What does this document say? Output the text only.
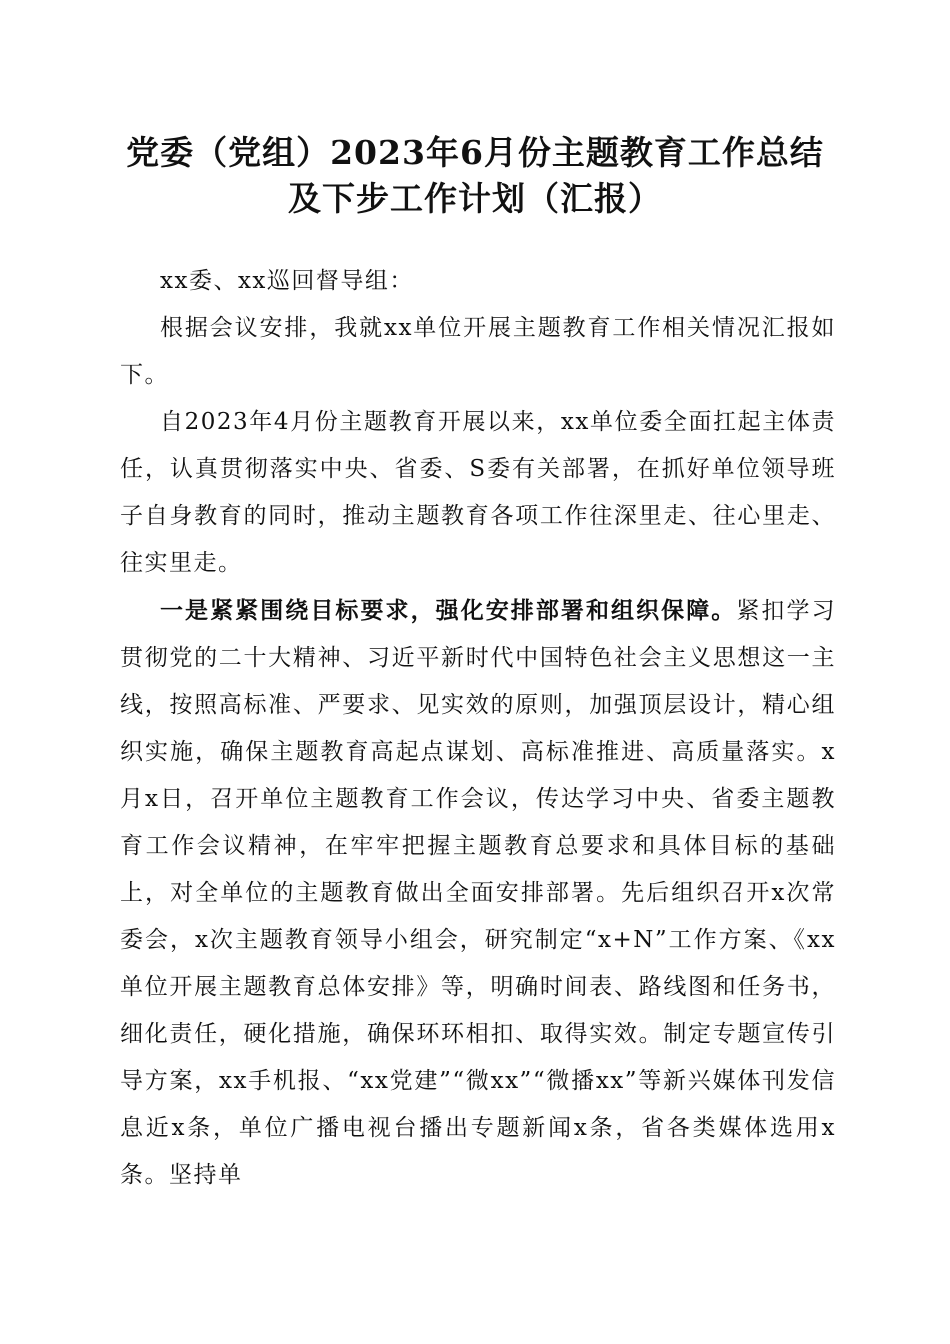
党委（党组）2023年6月份主题教育工作总结
及下步工作计划（汇报）

xx委、xx巡回督导组：

根据会议安排，我就xx单位开展主题教育工作相关情况汇报如下。

自2023年4月份主题教育开展以来，xx单位委全面扛起主体责任，认真贯彻落实中央、省委、S委有关部署，在抓好单位领导班子自身教育的同时，推动主题教育各项工作往深里走、往心里走、往实里走。

一是紧紧围绕目标要求，强化安排部署和组织保障。紧扣学习贯彻党的二十大精神、习近平新时代中国特色社会主义思想这一主线，按照高标准、严要求、见实效的原则，加强顶层设计，精心组织实施，确保主题教育高起点谋划、高标准推进、高质量落实。x月x日，召开单位主题教育工作会议，传达学习中央、省委主题教育工作会议精神，在牢牢把握主题教育总要求和具体目标的基础上，对全单位的主题教育做出全面安排部署。先后组织召开x次常委会，x次主题教育领导小组会，研究制定“x+N”工作方案、《xx单位开展主题教育总体安排》等，明确时间表、路线图和任务书，细化责任，硬化措施，确保环环相扣、取得实效。制定专题宣传引导方案，xx手机报、“xx党建”“微xx”“微播xx”等新兴媒体刊发信息近x条，单位广播电视台播出专题新闻x条，省各类媒体选用x条。坚持单
